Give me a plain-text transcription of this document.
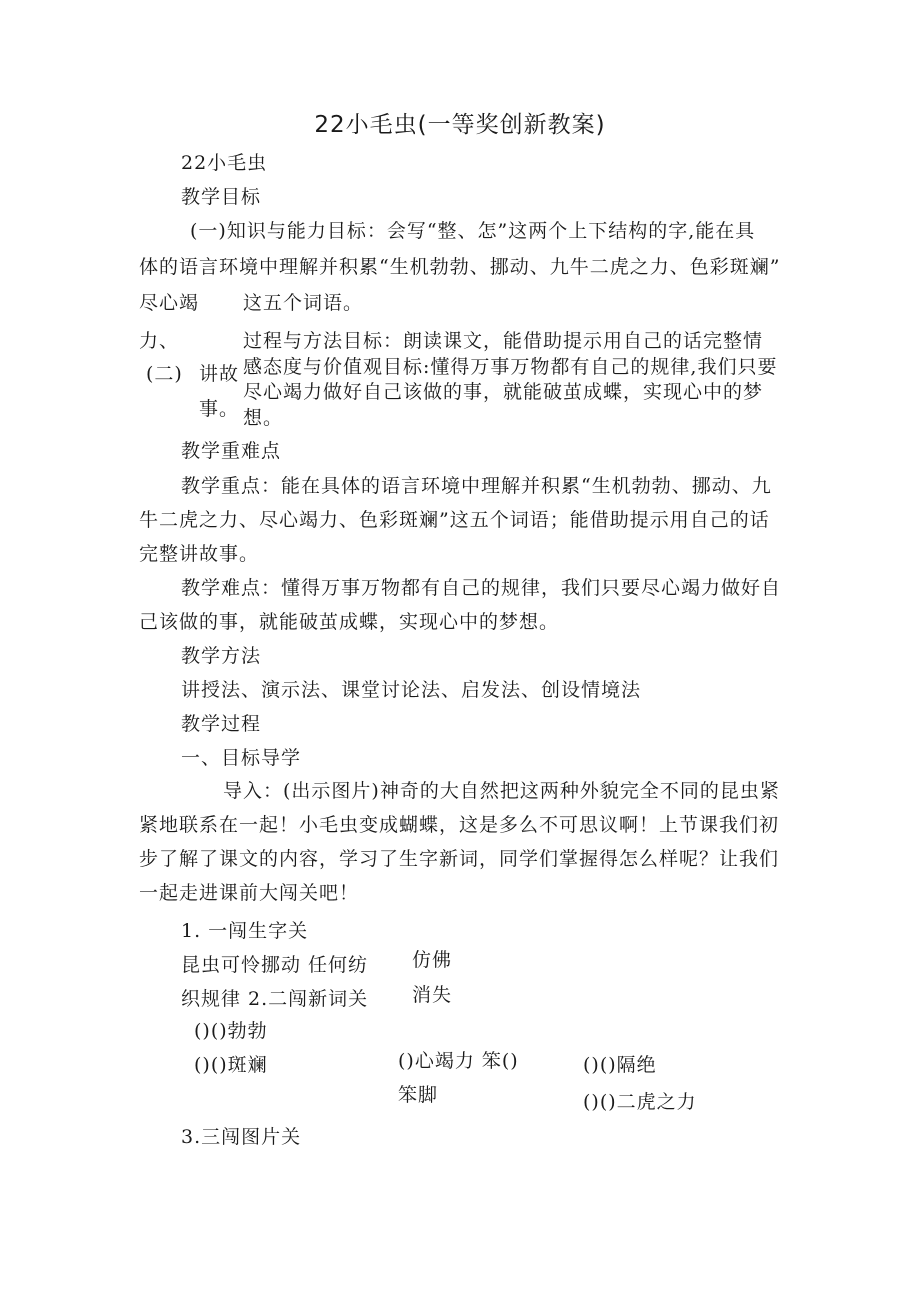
22小毛虫(一等奖创新教案)
22小毛虫
教学目标
(一)知识与能力目标：会写“整、怎”这两个上下结构的字,能在具
体的语言环境中理解并积累“生机勃勃、挪动、九牛二虎之力、色彩斑斓”
尽心竭 这五个词语。
力、	过程与方法目标：朗读课文，能借助提示用自己的话完整情
感态度与价值观目标:懂得万事万物都有自己的规律,我们只要
(二) 讲故
尽心竭力做好自己该做的事，就能破茧成蝶，实现心中的梦
事。 想。
教学重难点
教学重点：能在具体的语言环境中理解并积累“生机勃勃、挪动、九
牛二虎之力、尽心竭力、色彩斑斓”这五个词语；能借助提示用自己的话
完整讲故事。
教学难点：懂得万事万物都有自己的规律，我们只要尽心竭力做好自
己该做的事，就能破茧成蝶，实现心中的梦想。
教学方法
讲授法、演示法、课堂讨论法、启发法、创设情境法
教学过程
一、目标导学
导入：(出示图片)神奇的大自然把这两种外貌完全不同的昆虫紧
紧地联系在一起！小毛虫变成蝴蝶，这是多么不可思议啊！上节课我们初
步了解了课文的内容，学习了生字新词，同学们掌握得怎么样呢？让我们
一起走进课前大闯关吧！
1. 一闯生字关
昆虫可怜挪动 任何纺 仿佛
织规律 2.二闯新词关 消失
()()勃勃
()()斑斓	()心竭力 笨()
笨脚
()()隔绝
()()二虎之力
3.三闯图片关
